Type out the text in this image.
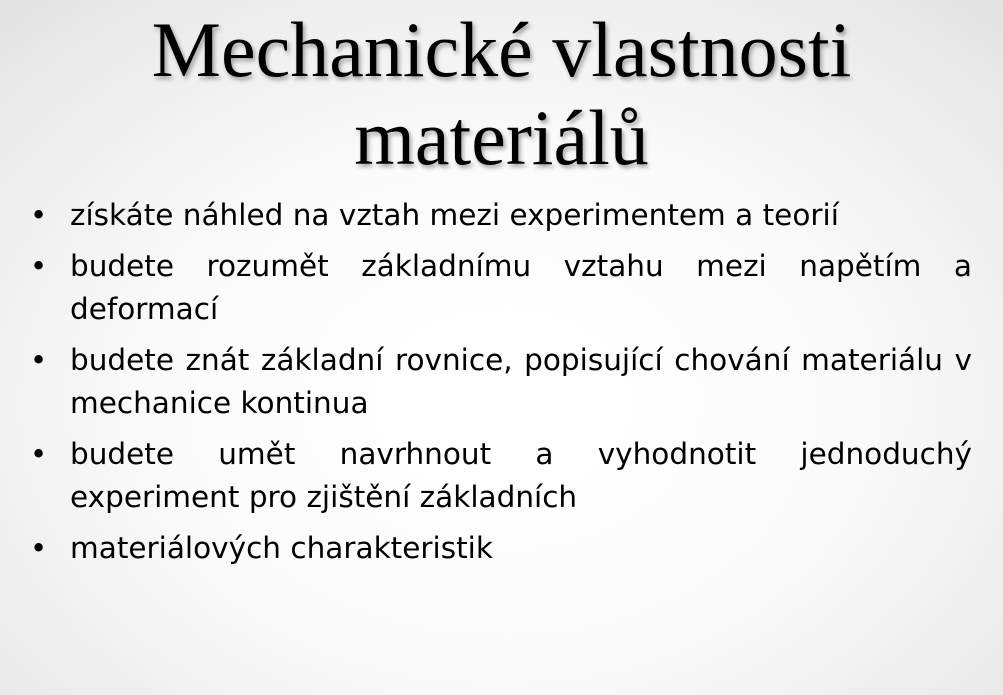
Mechanické vlastnosti
materiálů
• získáte náhled na vztah mezi experimentem a teorií
• budete rozumět základnímu vztahu mezi napětím a deformací
• budete znát základní rovnice, popisující chování materiálu v mechanice kontinua
• budete umět navrhnout a vyhodnotit jednoduchý experiment pro zjištění základních
• materiálových charakteristik
